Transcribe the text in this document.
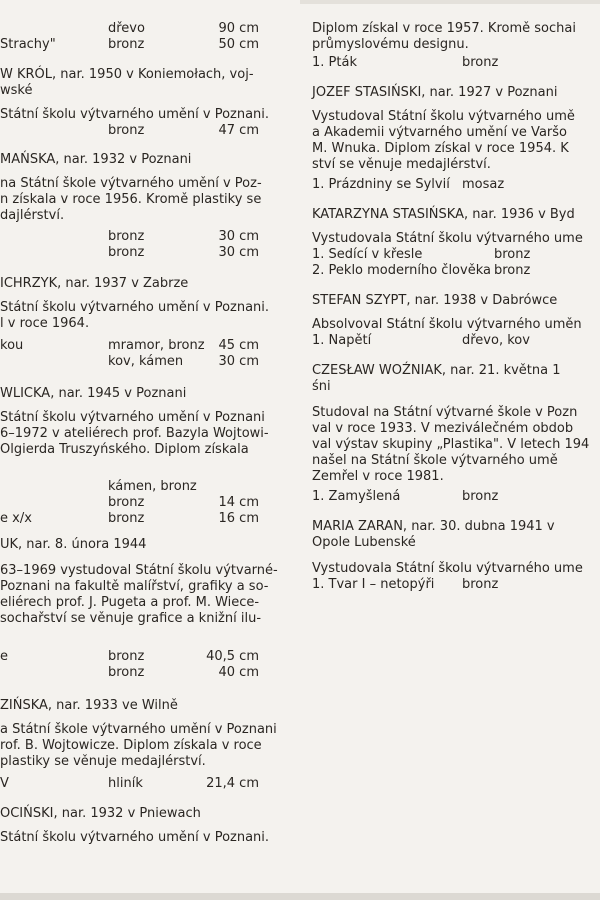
dřevo	90 cm
Strachy"	bronz	50 cm
W KRÓL, nar. 1950 v Koniemołach, voj-
wské
Státní školu výtvarného umění v Poznani.
bronz	47 cm
MAŃSKA, nar. 1932 v Poznani
na Státní škole výtvarného umění v Poz-
n získala v roce 1956. Kromě plastiky se
dajlérství.
bronz	30 cm
bronz	30 cm
ICHRZYK, nar. 1937 v Zabrze
Státní školu výtvarného umění v Poznani.
l v roce 1964.
kou	mramor, bronz 45 cm
kov, kámen	30 cm
WLICKA, nar. 1945 v Poznani
Státní školu výtvarného umění v Poznani
6–1972 v ateliérech prof. Bazyla Wojtowi-
Olgierda Truszyńského. Diplom získala
kámen, bronz
bronz	14 cm
e x/x	bronz	16 cm
UK, nar. 8. února 1944
63–1969 vystudoval Státní školu výtvarné-
Poznani na fakultě malířství, grafiky a so-
eliérech prof. J. Pugeta a prof. M. Wiece-
sochařství se věnuje grafice a knižní ilu-
e	bronz	40,5 cm
bronz	40 cm
ZIŃSKA, nar. 1933 ve Wilně
a Státní škole výtvarného umění v Poznani
rof. B. Wojtowicze. Diplom získala v roce
plastiky se věnuje medajlérství.
V	hliník	21,4 cm
OCIŃSKI, nar. 1932 v Pniewach
Státní školu výtvarného umění v Poznani.
Diplom získal v roce 1957. Kromě sochai
průmyslovému designu.
1. Pták	bronz
JOZEF STASIŃSKI, nar. 1927 v Poznani
Vystudoval Státní školu výtvarného umě
a Akademii výtvarného umění ve Varšo
M. Wnuka. Diplom získal v roce 1954. K
ství se věnuje medajlérství.
1. Prázdniny se Sylvií mosaz
KATARZYNA STASIŃSKA, nar. 1936 v Byd
Vystudovala Státní školu výtvarného ume
1. Sedící v křesle	bronz
2. Peklo moderního člověka bronz
STEFAN SZYPT, nar. 1938 v Dabrówce
Absolvoval Státní školu výtvarného uměn
1. Napětí	dřevo, kov
CZESŁAW WOŹNIAK, nar. 21. května 1
śni
Studoval na Státní výtvarné škole v Pozn
val v roce 1933. V meziválečném obdob
val výstav skupiny „Plastika". V letech 194
našel na Státní škole výtvarného umě
Zemřel v roce 1981.
1. Zamyšlená	bronz
MARIA ZARAN, nar. 30. dubna 1941 v
Opole Lubenské
Vystudovala Státní školu výtvarného ume
1. Tvar I – netopýři bronz
